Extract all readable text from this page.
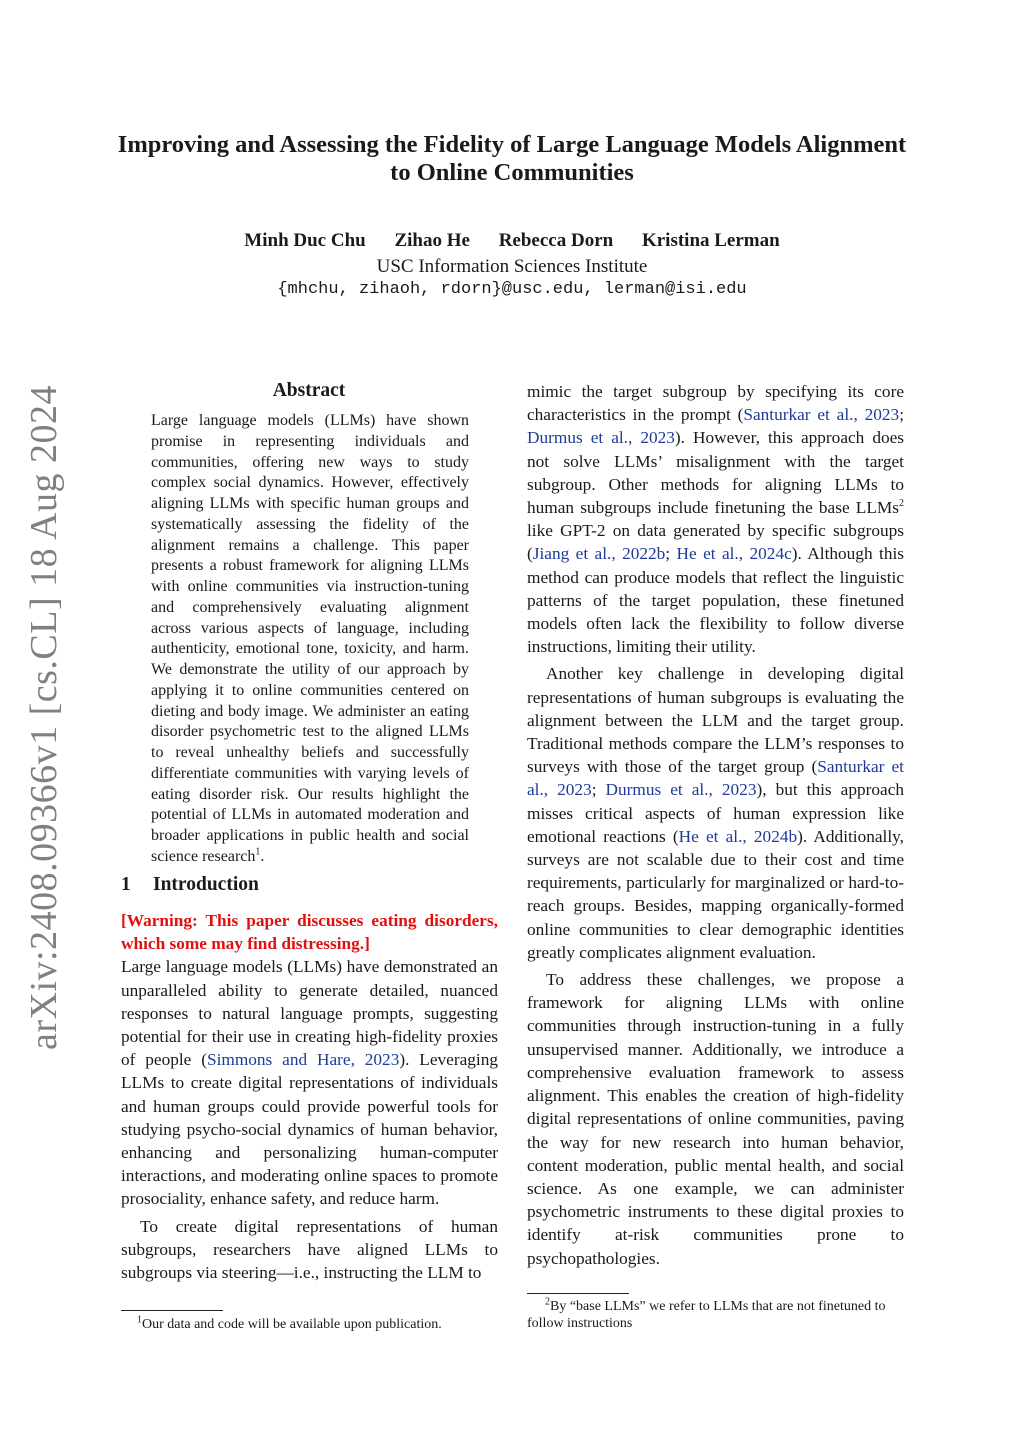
arXiv:2408.09366v1 [cs.CL] 18 Aug 2024
Improving and Assessing the Fidelity of Large Language Models Alignment
to Online Communities
Minh Duc Chu Zihao He Rebecca Dorn Kristina Lerman
USC Information Sciences Institute
{mhchu, zihaoh, rdorn}@usc.edu, lerman@isi.edu
Abstract
Large language models (LLMs) have shown promise in representing individuals and communities, offering new ways to study complex social dynamics. However, effectively aligning LLMs with specific human groups and systematically assessing the fidelity of the alignment remains a challenge. This paper presents a robust framework for aligning LLMs with online communities via instruction-tuning and comprehensively evaluating alignment across various aspects of language, including authenticity, emotional tone, toxicity, and harm. We demonstrate the utility of our approach by applying it to online communities centered on dieting and body image. We administer an eating disorder psychometric test to the aligned LLMs to reveal unhealthy beliefs and successfully differentiate communities with varying levels of eating disorder risk. Our results highlight the potential of LLMs in automated moderation and broader applications in public health and social science research$^1$.
1 Introduction

[Warning: This paper discusses eating disorders, which some may find distressing.]

Large language models (LLMs) have demonstrated an unparalleled ability to generate detailed, nuanced responses to natural language prompts, suggesting potential for their use in creating high-fidelity proxies of people (Simmons and Hare, 2023). Leveraging LLMs to create digital representations of individuals and human groups could provide powerful tools for studying psycho-social dynamics of human behavior, enhancing and personalizing human-computer interactions, and moderating online spaces to promote prosociality, enhance safety, and reduce harm.

To create digital representations of human subgroups, researchers have aligned LLMs to subgroups via steering—i.e., instructing the LLM to

mimic the target subgroup by specifying its core characteristics in the prompt (Santurkar et al., 2023; Durmus et al., 2023). However, this approach does not solve LLMs’ misalignment with the target subgroup. Other methods for aligning LLMs to human subgroups include finetuning the base LLMs$^2$ like GPT-2 on data generated by specific subgroups (Jiang et al., 2022b; He et al., 2024c). Although this method can produce models that reflect the linguistic patterns of the target population, these finetuned models often lack the flexibility to follow diverse instructions, limiting their utility.

Another key challenge in developing digital representations of human subgroups is evaluating the alignment between the LLM and the target group. Traditional methods compare the LLM’s responses to surveys with those of the target group (Santurkar et al., 2023; Durmus et al., 2023), but this approach misses critical aspects of human expression like emotional reactions (He et al., 2024b). Additionally, surveys are not scalable due to their cost and time requirements, particularly for marginalized or hard-to-reach groups. Besides, mapping organically-formed online communities to clear demographic identities greatly complicates alignment evaluation.

To address these challenges, we propose a framework for aligning LLMs with online communities through instruction-tuning in a fully unsupervised manner. Additionally, we introduce a comprehensive evaluation framework to assess alignment. This enables the creation of high-fidelity digital representations of online communities, paving the way for new research into human behavior, content moderation, public mental health, and social science. As one example, we can administer psychometric instruments to these digital proxies to identify at-risk communities prone to psychopathologies.

$^1$Our data and code will be available upon publication.
$^2$By “base LLMs” we refer to LLMs that are not finetuned to follow instructions
